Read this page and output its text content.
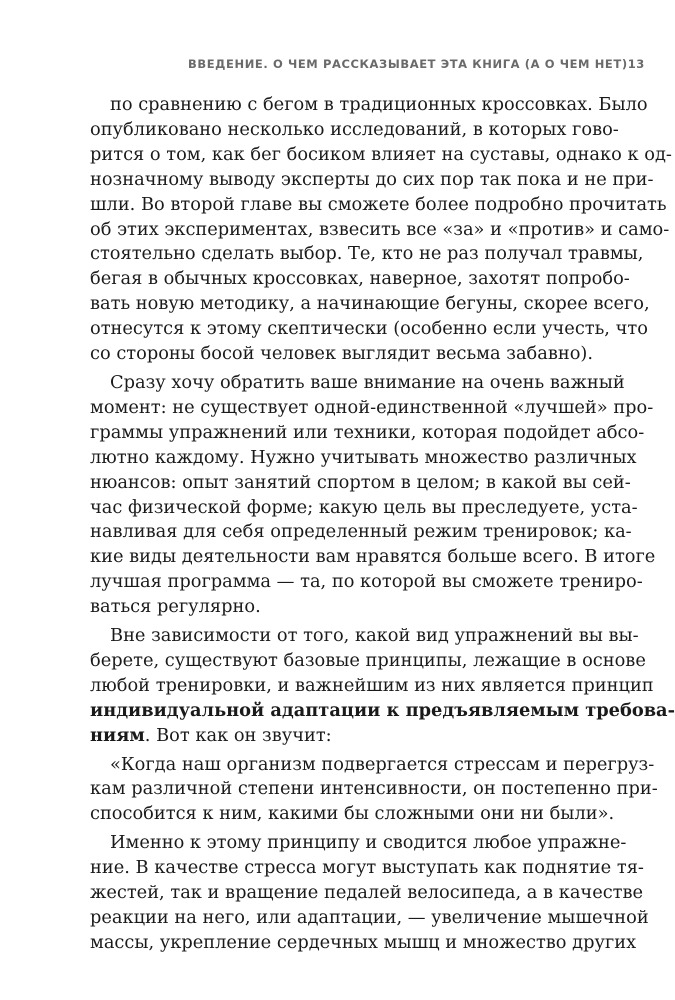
ВВЕДЕНИЕ. О ЧЕМ РАССКАЗЫВАЕТ ЭТА КНИГА (А О ЧЕМ НЕТ) 13
по сравнению с бегом в традиционных кроссовках. Было
опубликовано несколько исследований, в которых гово-
рится о том, как бег босиком влияет на суставы, однако к од-
нозначному выводу эксперты до сих пор так пока и не при-
шли. Во второй главе вы сможете более подробно прочитать
об этих экспериментах, взвесить все «за» и «против» и само-
стоятельно сделать выбор. Те, кто не раз получал травмы,
бегая в обычных кроссовках, наверное, захотят попробо-
вать новую методику, а начинающие бегуны, скорее всего,
отнесутся к этому скептически (особенно если учесть, что
со стороны босой человек выглядит весьма забавно).
Сразу хочу обратить ваше внимание на очень важный
момент: не существует одной-единственной «лучшей» про-
граммы упражнений или техники, которая подойдет абсо-
лютно каждому. Нужно учитывать множество различных
нюансов: опыт занятий спортом в целом; в какой вы сей-
час физической форме; какую цель вы преследуете, уста-
навливая для себя определенный режим тренировок; ка-
кие виды деятельности вам нравятся больше всего. В итоге
лучшая программа — та, по которой вы сможете трениро-
ваться регулярно.
Вне зависимости от того, какой вид упражнений вы вы-
берете, существуют базовые принципы, лежащие в основе
любой тренировки, и важнейшим из них является принцип
индивидуальной адаптации к предъявляемым требова-
ниям. Вот как он звучит:
«Когда наш организм подвергается стрессам и перегруз-
кам различной степени интенсивности, он постепенно при-
способится к ним, какими бы сложными они ни были».
Именно к этому принципу и сводится любое упражне-
ние. В качестве стресса могут выступать как поднятие тя-
жестей, так и вращение педалей велосипеда, а в качестве
реакции на него, или адаптации, — увеличение мышечной
массы, укрепление сердечных мышц и множество других
